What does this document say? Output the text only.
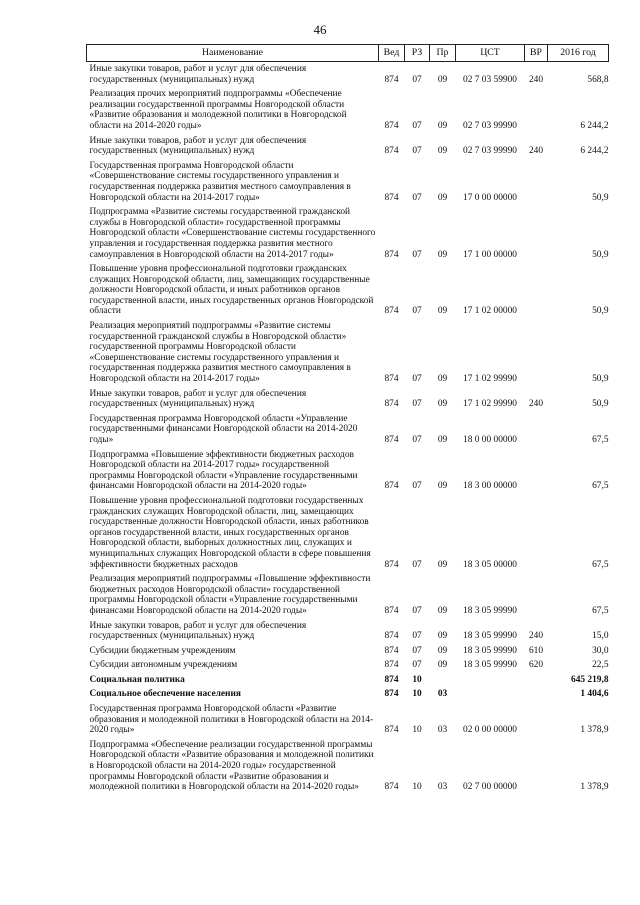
46
Наименование	Вед	РЗ	Пр	ЦСТ	ВР	2016 год
Иные закупки товаров, работ и услуг для обеспечения государственных (муниципальных) нужд	874	07	09	02 7 03 59900	240	568,8
Реализация прочих мероприятий подпрограммы «Обеспечение реализации государственной программы Новгородской области «Развитие образования и молодежной политики в Новгородской области на 2014-2020 годы»	874	07	09	02 7 03 99990		6 244,2
Иные закупки товаров, работ и услуг для обеспечения государственных (муниципальных) нужд	874	07	09	02 7 03 99990	240	6 244,2
Государственная программа Новгородской области «Совершенствование системы государственного управления и государственная поддержка развития местного самоуправления в Новгородской области на 2014-2017 годы»	874	07	09	17 0 00 00000		50,9
Подпрограмма «Развитие системы государственной гражданской службы в Новгородской области» государственной программы Новгородской области «Совершенствование системы государственного управления и государственная поддержка развития местного самоуправления в Новгородской области на 2014-2017 годы»	874	07	09	17 1 00 00000		50,9
Повышение уровня профессиональной подготовки гражданских служащих Новгородской области, лиц, замещающих государственные должности Новгородской области, и иных работников органов государственной власти, иных государственных органов Новгородской области	874	07	09	17 1 02 00000		50,9
Реализация мероприятий подпрограммы «Развитие системы государственной гражданской службы в Новгородской области» государственной программы Новгородской области «Совершенствование системы государственного управления и государственная поддержка развития местного самоуправления в Новгородской области на 2014-2017 годы»	874	07	09	17 1 02 99990		50,9
Иные закупки товаров, работ и услуг для обеспечения государственных (муниципальных) нужд	874	07	09	17 1 02 99990	240	50,9
Государственная программа Новгородской области «Управление государственными финансами Новгородской области на 2014-2020 годы»	874	07	09	18 0 00 00000		67,5
Подпрограмма «Повышение эффективности бюджетных расходов Новгородской области на 2014-2017 годы» государственной программы Новгородской области «Управление государственными финансами Новгородской области на 2014-2020 годы»	874	07	09	18 3 00 00000		67,5
Повышение уровня профессиональной подготовки государственных гражданских служащих Новгородской области, лиц, замещающих государственные должности Новгородской области, иных работников органов государственной власти, иных государственных органов Новгородской области, выборных должностных лиц, служащих и муниципальных служащих Новгородской области в сфере повышения эффективности бюджетных расходов	874	07	09	18 3 05 00000		67,5
Реализация мероприятий подпрограммы «Повышение эффективности бюджетных расходов Новгородской области» государственной программы Новгородской области «Управление государственными финансами Новгородской области на 2014-2020 годы»	874	07	09	18 3 05 99990		67,5
Иные закупки товаров, работ и услуг для обеспечения государственных (муниципальных) нужд	874	07	09	18 3 05 99990	240	15,0
Субсидии бюджетным учреждениям	874	07	09	18 3 05 99990	610	30,0
Субсидии автономным учреждениям	874	07	09	18 3 05 99990	620	22,5
Социальная политика	874	10				645 219,8
Социальное обеспечение населения	874	10	03			1 404,6
Государственная программа Новгородской области «Развитие образования и молодежной политики в Новгородской области на 2014-2020 годы»	874	10	03	02 0 00 00000		1 378,9
Подпрограмма «Обеспечение реализации государственной программы Новгородской области «Развитие образования и молодежной политики в Новгородской области на 2014-2020 годы» государственной программы Новгородской области «Развитие образования и молодежной политики в Новгородской области на 2014-2020 годы»	874	10	03	02 7 00 00000		1 378,9
